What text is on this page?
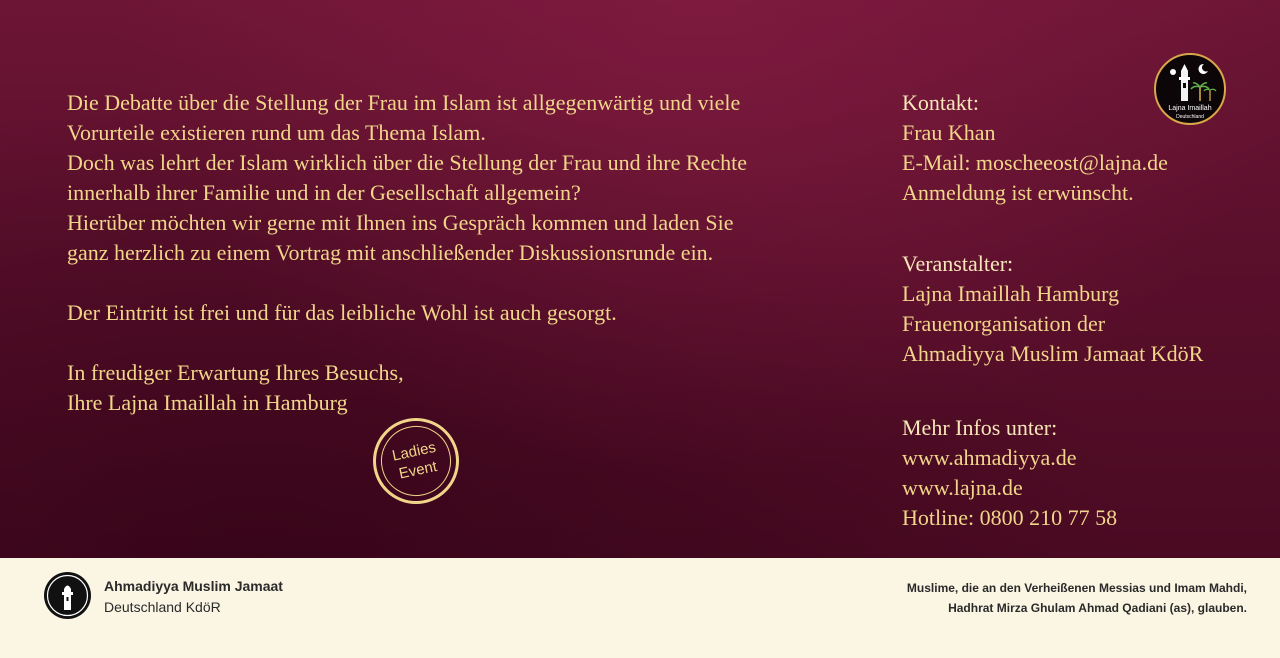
Die Debatte über die Stellung der Frau im Islam ist allgegenwärtig und viele

Vorurteile existieren rund um das Thema Islam.

Doch was lehrt der Islam wirklich über die Stellung der Frau und ihre Rechte

innerhalb ihrer Familie und in der Gesellschaft allgemein?

Hierüber möchten wir gerne mit Ihnen ins Gespräch kommen und laden Sie

ganz herzlich zu einem Vortrag mit anschließender Diskussionsrunde ein.

Der Eintritt ist frei und für das leibliche Wohl ist auch gesorgt.

In freudiger Erwartung Ihres Besuchs,

Ihre Lajna Imaillah in Hamburg

Ladies
Event

Kontakt:

Frau Khan

E-Mail: moscheeost@lajna.de

Anmeldung ist erwünscht.

Veranstalter:

Lajna Imaillah Hamburg

Frauenorganisation der

Ahmadiyya Muslim Jamaat KdöR

Mehr Infos unter:

www.ahmadiyya.de

www.lajna.de

Hotline: 0800 210 77 58

Lajna Imaillah
Deutschland
Ahmadiyya Muslim Jamaat
Deutschland KdöR
Muslime, die an den Verheißenen Messias und Imam Mahdi,
Hadhrat Mirza Ghulam Ahmad Qadiani (as), glauben.
